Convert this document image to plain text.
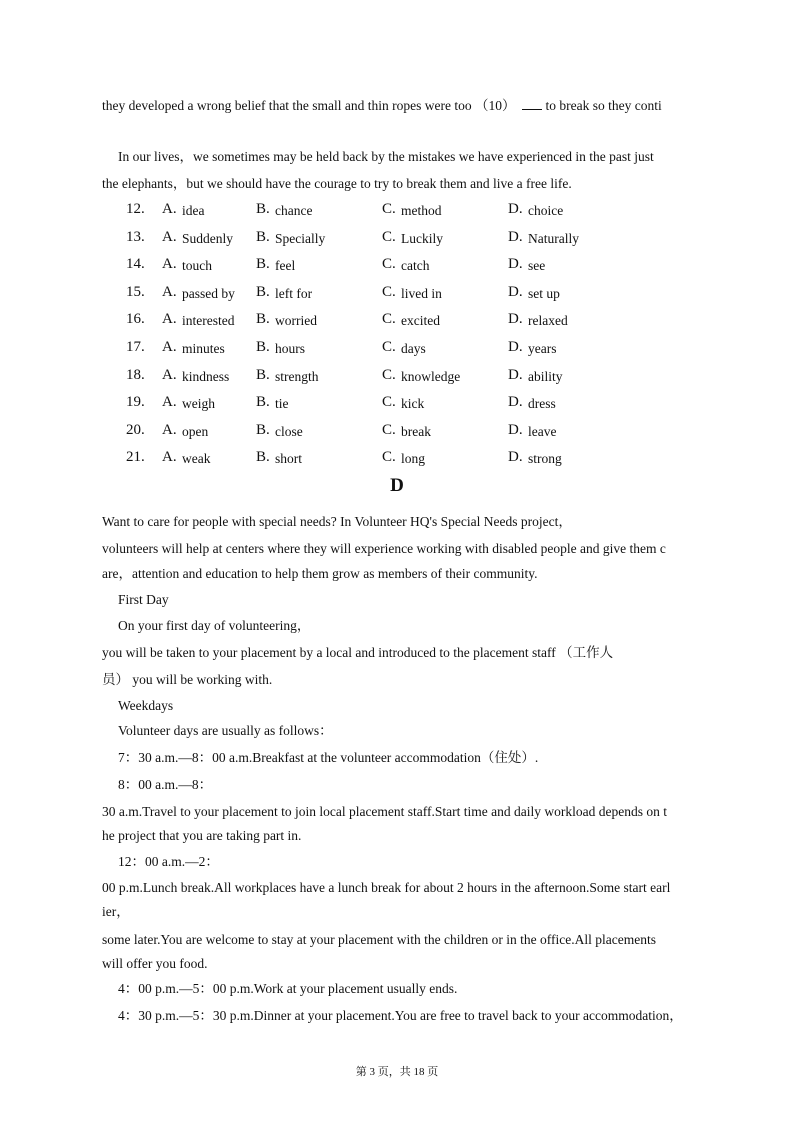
they developed a wrong belief that the small and thin ropes were too （10） to break so they conti
In our lives，we sometimes may be held back by the mistakes we have experienced in the past just
the elephants，but we should have the courage to try to break them and live a free life.
12. A. idea	B. chance	C. method	D. choice
13. A. Suddenly B. Specially	C. Luckily	D. Naturally
14. A. touch	B. feel	C. catch	D. see
15. A. passed by B. left for	C. lived in	D. set up
16. A. interested B. worried	C. excited	D. relaxed
17. A. minutes B. hours	C. days	D. years
18. A. kindness B. strength	C. knowledge	D. ability
19. A. weigh	B. tie	C. kick	D. dress
20. A. open	B. close	C. break	D. leave
21. A. weak	B. short	C. long	D. strong
D
Want to care for people with special needs? In Volunteer HQ's Special Needs project，
volunteers will help at centers where they will experience working with disabled people and give them c
are，attention and education to help them grow as members of their community.
First Day
On your first day of volunteering，
you will be taken to your placement by a local and introduced to the placement staff （工作人
员） you will be working with.
Weekdays
Volunteer days are usually as follows：
7：30 a.m.—8：00 a.m.Breakfast at the volunteer accommodation（住处）.
8：00 a.m.—8：
30 a.m.Travel to your placement to join local placement staff.Start time and daily workload depends on t
he project that you are taking part in.
12：00 a.m.—2：
00 p.m.Lunch break.All workplaces have a lunch break for about 2 hours in the afternoon.Some start earl
ier，
some later.You are welcome to stay at your placement with the children or in the office.All placements
will offer you food.
4：00 p.m.—5：00 p.m.Work at your placement usually ends.
4：30 p.m.—5：30 p.m.Dinner at your placement.You are free to travel back to your accommodation，
第 3 页，共 18 页
